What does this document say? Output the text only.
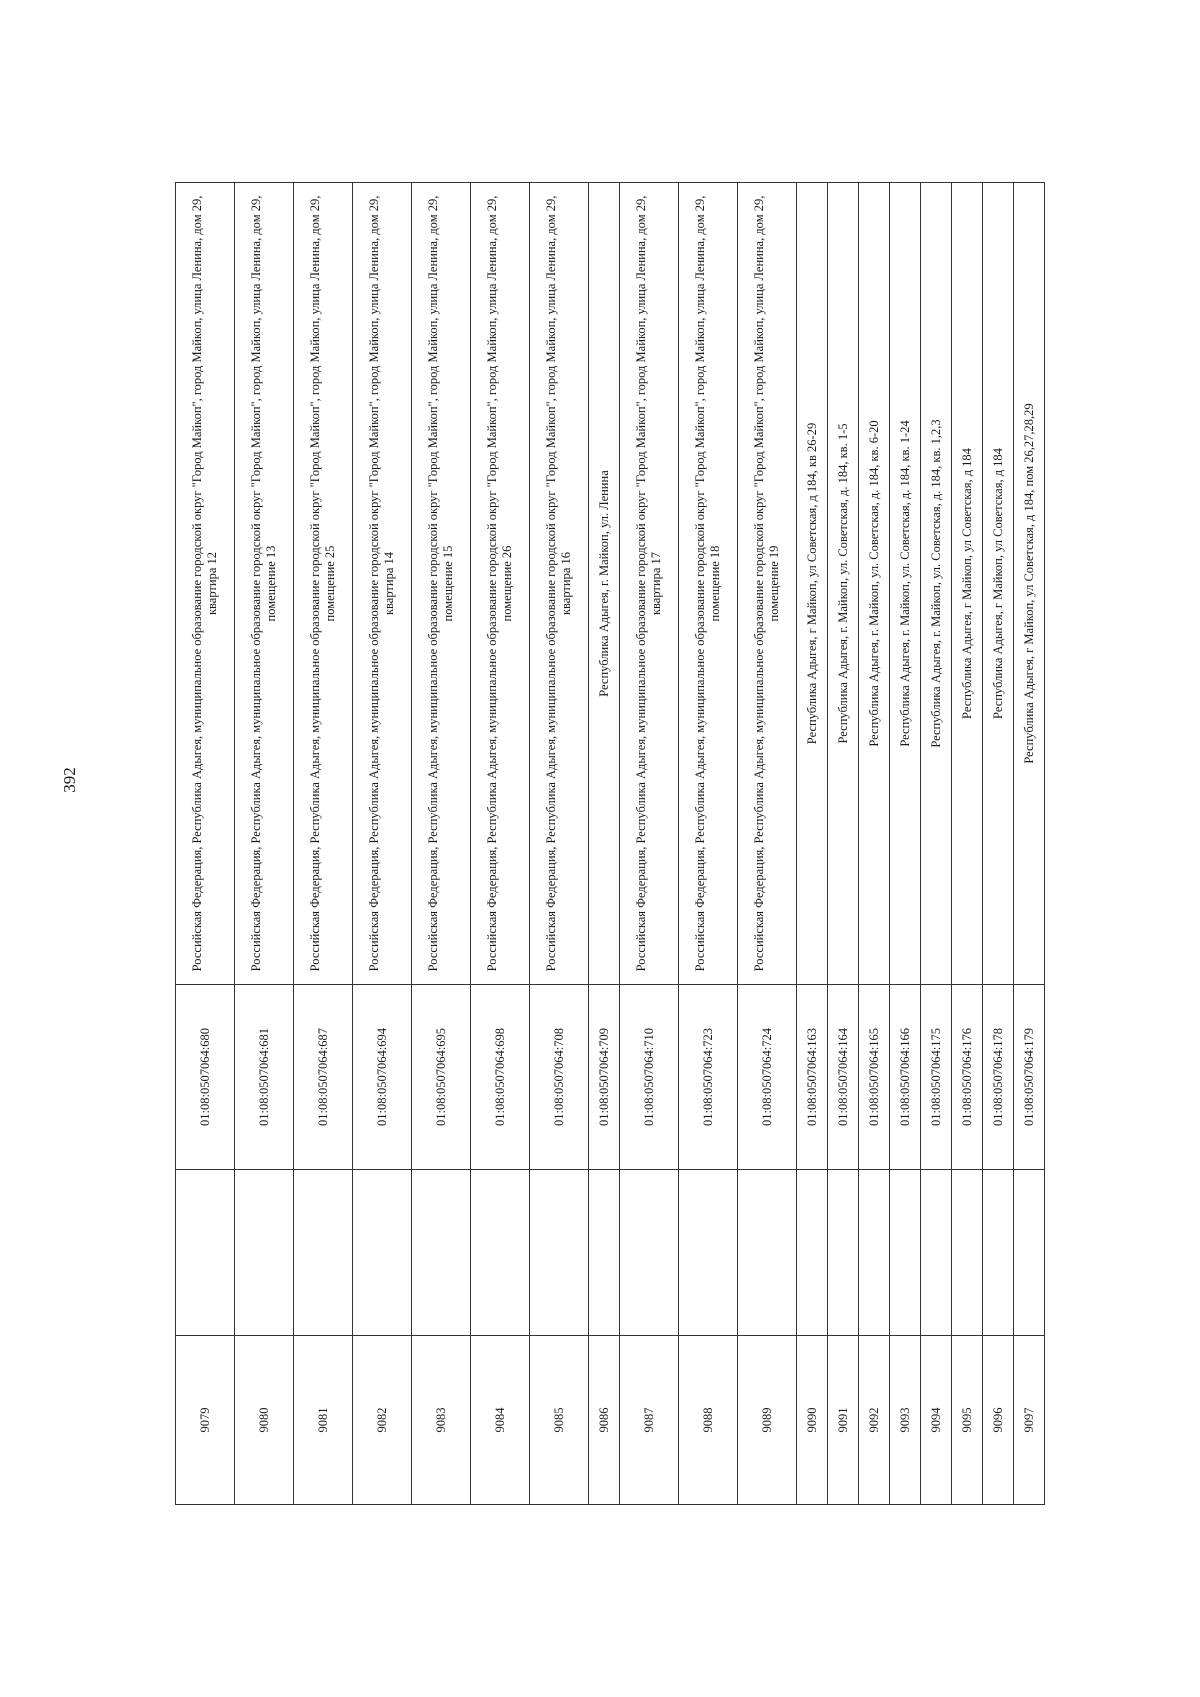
392
9079		01:08:0507064:680	Российская Федерация, Республика Адыгея, муниципальное образование городской округ "Город Майкоп", город Майкоп, улица Ленина, дом 29, квартира 12
9080		01:08:0507064:681	Российская Федерация, Республика Адыгея, муниципальное образование городской округ "Город Майкоп", город Майкоп, улица Ленина, дом 29, помещение 13
9081		01:08:0507064:687	Российская Федерация, Республика Адыгея, муниципальное образование городской округ "Город Майкоп", город Майкоп, улица Ленина, дом 29, помещение 25
9082		01:08:0507064:694	Российская Федерация, Республика Адыгея, муниципальное образование городской округ "Город Майкоп", город Майкоп, улица Ленина, дом 29, квартира 14
9083		01:08:0507064:695	Российская Федерация, Республика Адыгея, муниципальное образование городской округ "Город Майкоп", город Майкоп, улица Ленина, дом 29, помещение 15
9084		01:08:0507064:698	Российская Федерация, Республика Адыгея, муниципальное образование городской округ "Город Майкоп", город Майкоп, улица Ленина, дом 29, помещение 26
9085		01:08:0507064:708	Российская Федерация, Республика Адыгея, муниципальное образование городской округ "Город Майкоп", город Майкоп, улица Ленина, дом 29, квартира 16
9086		01:08:0507064:709	Республика Адыгея, г. Майкоп, ул. Ленина
9087		01:08:0507064:710	Российская Федерация, Республика Адыгея, муниципальное образование городской округ "Город Майкоп", город Майкоп, улица Ленина, дом 29, квартира 17
9088		01:08:0507064:723	Российская Федерация, Республика Адыгея, муниципальное образование городской округ "Город Майкоп", город Майкоп, улица Ленина, дом 29, помещение 18
9089		01:08:0507064:724	Российская Федерация, Республика Адыгея, муниципальное образование городской округ "Город Майкоп", город Майкоп, улица Ленина, дом 29, помещение 19
9090		01:08:0507064:163	Республика Адыгея, г Майкоп, ул Советская, д 184, кв 26-29
9091		01:08:0507064:164	Республика Адыгея, г. Майкоп, ул. Советская, д. 184, кв. 1-5
9092		01:08:0507064:165	Республика Адыгея, г. Майкоп, ул. Советская, д. 184, кв. 6-20
9093		01:08:0507064:166	Республика Адыгея, г. Майкоп, ул. Советская, д. 184, кв. 1-24
9094		01:08:0507064:175	Республика Адыгея, г. Майкоп, ул. Советская, д. 184, кв. 1,2,3
9095		01:08:0507064:176	Республика Адыгея, г Майкоп, ул Советская, д 184
9096		01:08:0507064:178	Республика Адыгея, г Майкоп, ул Советская, д 184
9097		01:08:0507064:179	Республика Адыгея, г Майкоп, ул Советская, д 184, пом 26,27,28,29
